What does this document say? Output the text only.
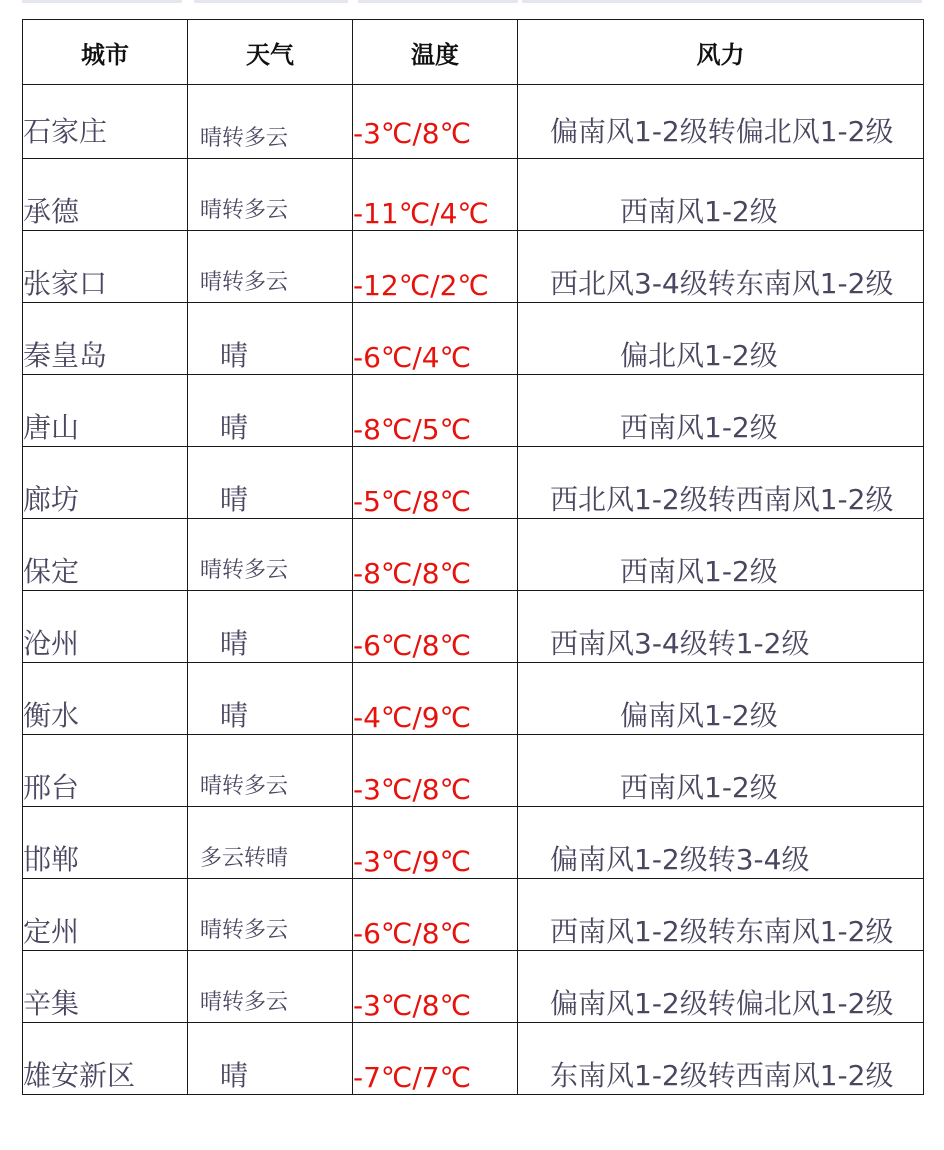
城市	天气	温度	风力
石家庄	晴转多云	-3℃/8℃	偏南风1-2级转偏北风1-2级
承德	晴转多云	-11℃/4℃	西南风1-2级
张家口	晴转多云	-12℃/2℃	西北风3-4级转东南风1-2级
秦皇岛	晴	-6℃/4℃	偏北风1-2级
唐山	晴	-8℃/5℃	西南风1-2级
廊坊	晴	-5℃/8℃	西北风1-2级转西南风1-2级
保定	晴转多云	-8℃/8℃	西南风1-2级
沧州	晴	-6℃/8℃	西南风3-4级转1-2级
衡水	晴	-4℃/9℃	偏南风1-2级
邢台	晴转多云	-3℃/8℃	西南风1-2级
邯郸	多云转晴	-3℃/9℃	偏南风1-2级转3-4级
定州	晴转多云	-6℃/8℃	西南风1-2级转东南风1-2级
辛集	晴转多云	-3℃/8℃	偏南风1-2级转偏北风1-2级
雄安新区	晴	-7℃/7℃	东南风1-2级转西南风1-2级
